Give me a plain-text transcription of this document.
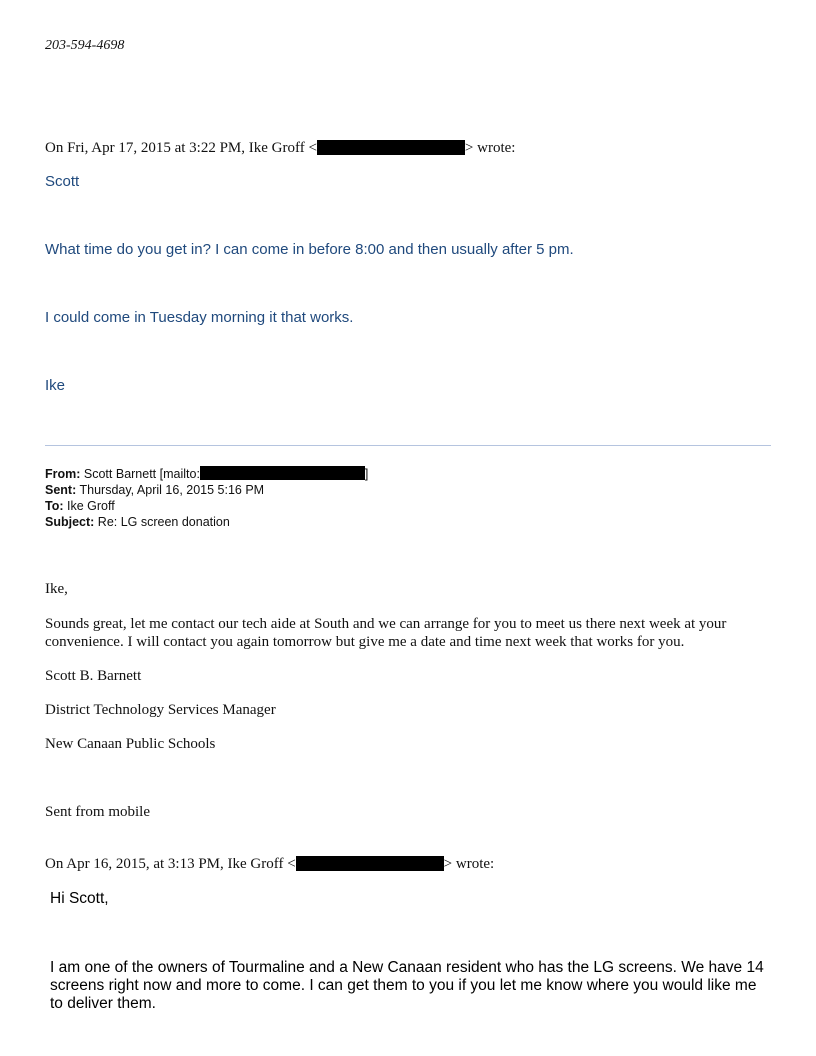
203-594-4698
On Fri, Apr 17, 2015 at 3:22 PM, Ike Groff <	> wrote:
Scott
What time do you get in? I can come in before 8:00 and then usually after 5 pm.
I could come in Tuesday morning it that works.
Ike
From: Scott Barnett [mailto:	]
Sent: Thursday, April 16, 2015 5:16 PM
To: Ike Groff
Subject: Re: LG screen donation
Ike,
Sounds great, let me contact our tech aide at South and we can arrange for you to meet us there next week at your convenience. I will contact you again tomorrow but give me a date and time next week that works for you.
Scott B. Barnett
District Technology Services Manager
New Canaan Public Schools
Sent from mobile
On Apr 16, 2015, at 3:13 PM, Ike Groff <	> wrote:
Hi Scott,
I am one of the owners of Tourmaline and a New Canaan resident who has the LG screens. We have 14 screens right now and more to come. I can get them to you if you let me know where you would like me to deliver them.
